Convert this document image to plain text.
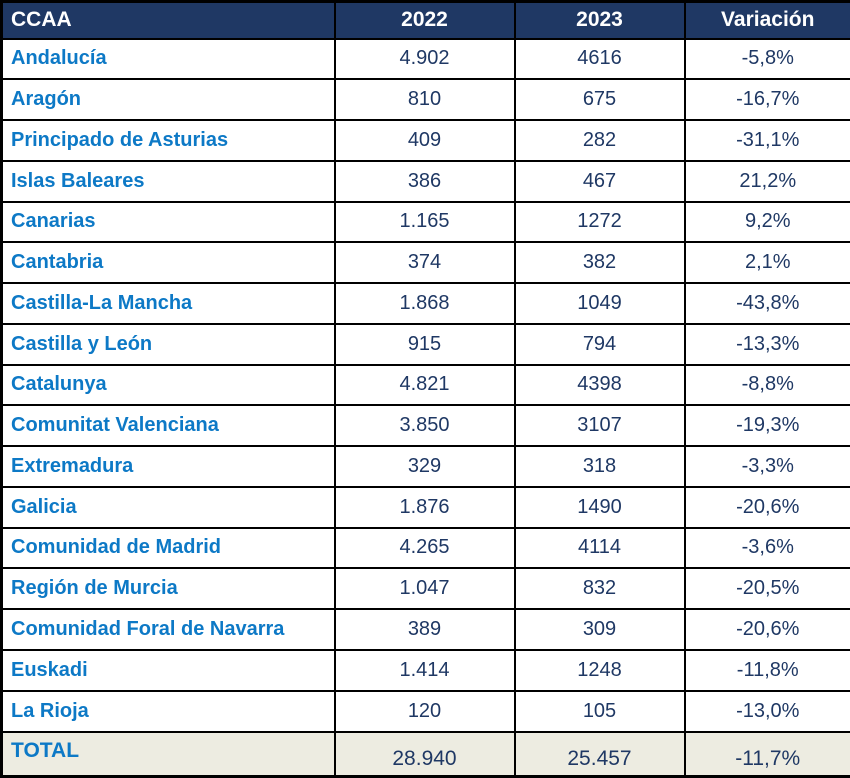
CCAA	2022	2023	Variación
Andalucía	4.902	4616	-5,8%
Aragón	810	675	-16,7%
Principado de Asturias	409	282	-31,1%
Islas Baleares	386	467	21,2%
Canarias	1.165	1272	9,2%
Cantabria	374	382	2,1%
Castilla-La Mancha	1.868	1049	-43,8%
Castilla y León	915	794	-13,3%
Catalunya	4.821	4398	-8,8%
Comunitat Valenciana	3.850	3107	-19,3%
Extremadura	329	318	-3,3%
Galicia	1.876	1490	-20,6%
Comunidad de Madrid	4.265	4114	-3,6%
Región de Murcia	1.047	832	-20,5%
Comunidad Foral de Navarra	389	309	-20,6%
Euskadi	1.414	1248	-11,8%
La Rioja	120	105	-13,0%
TOTAL	28.940	25.457	-11,7%
